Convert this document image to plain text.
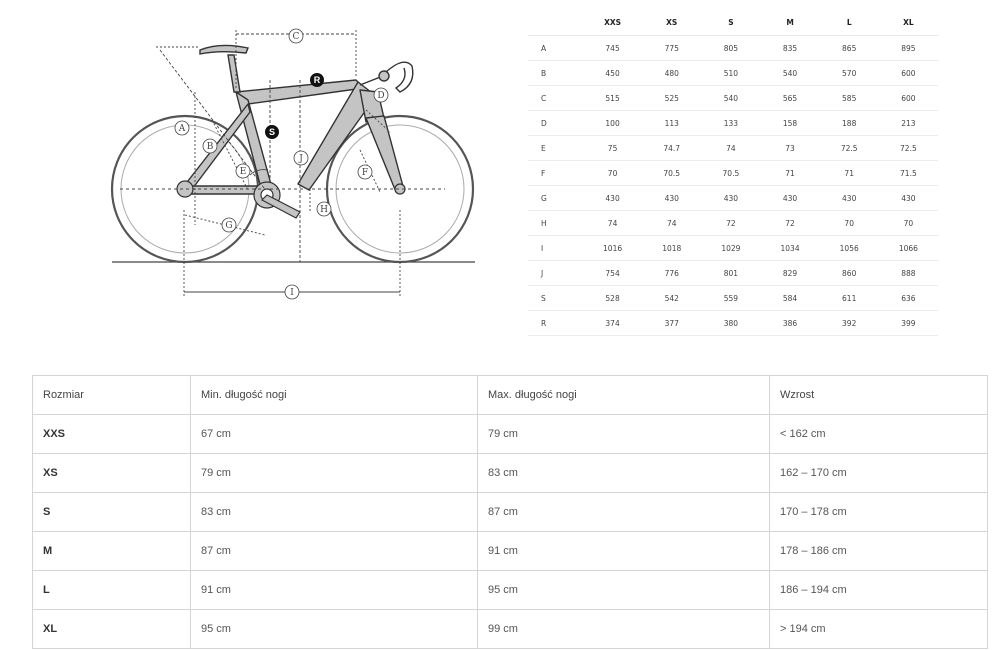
A
B
C
D
E	F
G
H
I
J
R
S
	XXS	XS	S	M	L	XL
A	745	775	805	835	865	895
B	450	480	510	540	570	600
C	515	525	540	565	585	600
D	100	113	133	158	188	213
E	75	74.7	74	73	72.5	72.5
F	70	70.5	70.5	71	71	71.5
G	430	430	430	430	430	430
H	74	74	72	72	70	70
I	1016	1018	1029	1034	1056	1066
J	754	776	801	829	860	888
S	528	542	559	584	611	636
R	374	377	380	386	392	399
Rozmiar	Min. długość nogi	Max. długość nogi	Wzrost
XXS	67 cm	79 cm	< 162 cm
XS	79 cm	83 cm	162 – 170 cm
S	83 cm	87 cm	170 – 178 cm
M	87 cm	91 cm	178 – 186 cm
L	91 cm	95 cm	186 – 194 cm
XL	95 cm	99 cm	> 194 cm
